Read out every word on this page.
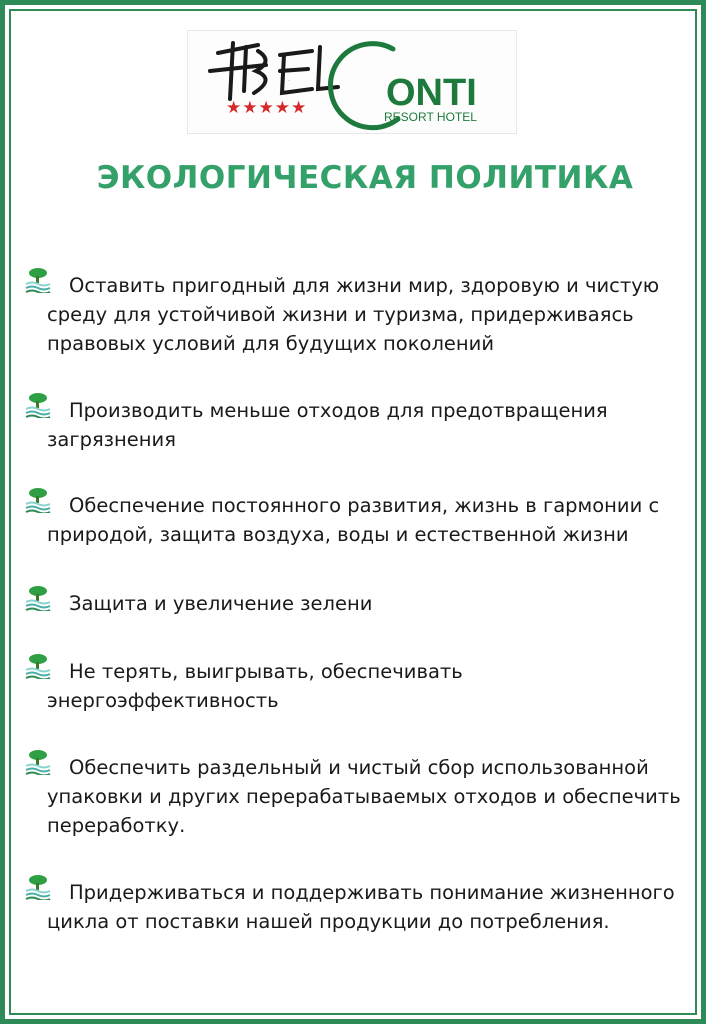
BEL	ONTI
★★★★★	RESORT HOTEL
ЭКОЛОГИЧЕСКАЯ ПОЛИТИКА
Оставить пригодный для жизни мир, здоровую и чистую среду для устойчивой жизни и туризма, придерживаясь правовых условий для будущих поколений
Производить меньше отходов для предотвращения загрязнения
Обеспечение постоянного развития, жизнь в гармонии с природой, защита воздуха, воды и естественной жизни
Защита и увеличение зелени
Не терять, выигрывать, обеспечивать энергоэффективность
Обеспечить раздельный и чистый сбор использованной упаковки и других перерабатываемых отходов и обеспечить переработку.
Придерживаться и поддерживать понимание жизненного цикла от поставки нашей продукции до потребления.
